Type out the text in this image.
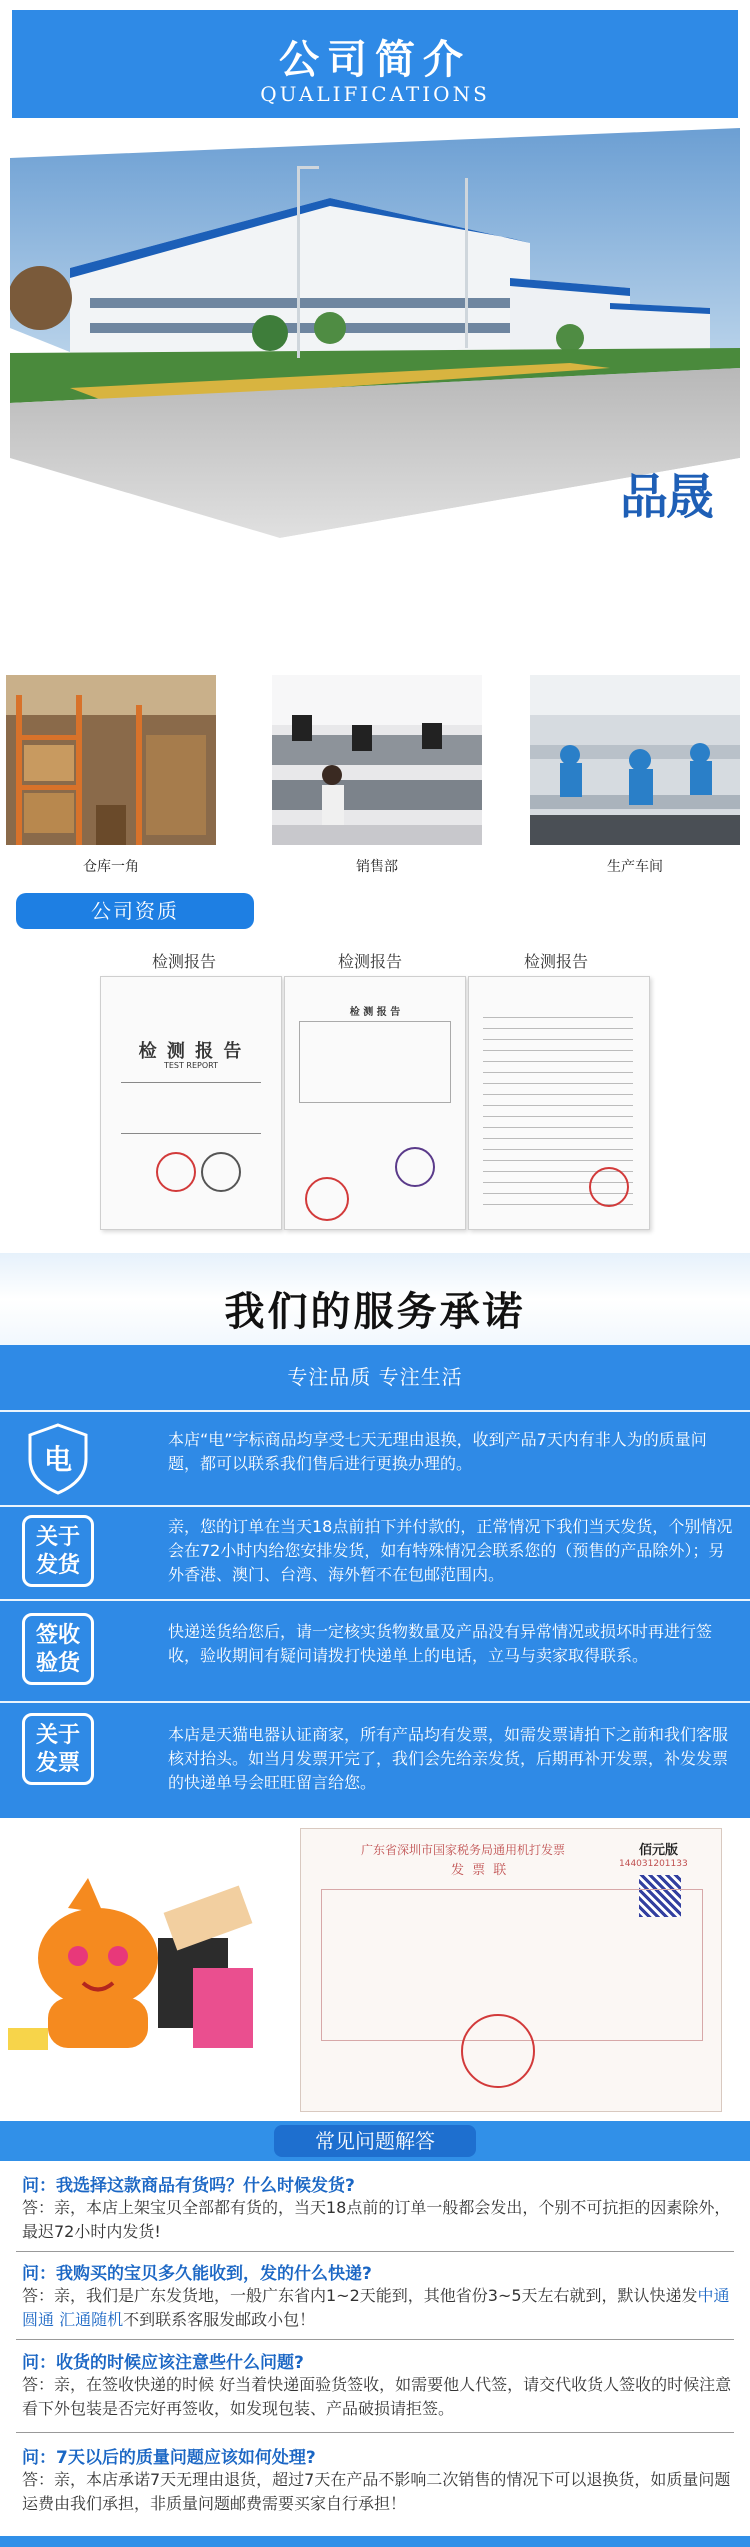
公司简介
QUALIFICATIONS
品晟
仓库一角	销售部	生产车间
公司资质
检测报告	检测报告	检测报告
检 测 报 告
TEST REPORT
检 测 报 告
我们的服务承诺
专注品质 专注生活
电
本店“电”字标商品均享受七天无理由退换，收到产品7天内有非人为的质量问题，都可以联系我们售后进行更换办理的。
关于
发货
亲，您的订单在当天18点前拍下并付款的，正常情况下我们当天发货，个别情况会在72小时内给您安排发货，如有特殊情况会联系您的（预售的产品除外）；另外香港、澳门、台湾、海外暂不在包邮范围内。
签收
验货
快递送货给您后，请一定核实货物数量及产品没有异常情况或损坏时再进行签收，验收期间有疑问请拨打快递单上的电话，立马与卖家取得联系。
关于
发票
本店是天猫电器认证商家，所有产品均有发票，如需发票请拍下之前和我们客服核对抬头。如当月发票开完了，我们会先给亲发货，后期再补开发票，补发发票的快递单号会旺旺留言给您。
广东省深圳市国家税务局通用机打发票
发 票 联
佰元版
144031201133
常见问题解答
问：我选择这款商品有货吗？什么时候发货?
答：亲，本店上架宝贝全部都有货的，当天18点前的订单一般都会发出，个别不可抗拒的因素除外，最迟72小时内发货!
问：我购买的宝贝多久能收到，发的什么快递?
答：亲，我们是广东发货地，一般广东省内1~2天能到，其他省份3~5天左右就到，默认快递发中通 圆通 汇通随机不到联系客服发邮政小包！
问：收货的时候应该注意些什么问题?
答：亲，在签收快递的时候 好当着快递面验货签收，如需要他人代签，请交代收货人签收的时候注意看下外包装是否完好再签收，如发现包装、产品破损请拒签。
问：7天以后的质量问题应该如何处理?
答：亲，本店承诺7天无理由退货，超过7天在产品不影响二次销售的情况下可以退换货，如质量问题运费由我们承担，非质量问题邮费需要买家自行承担！
